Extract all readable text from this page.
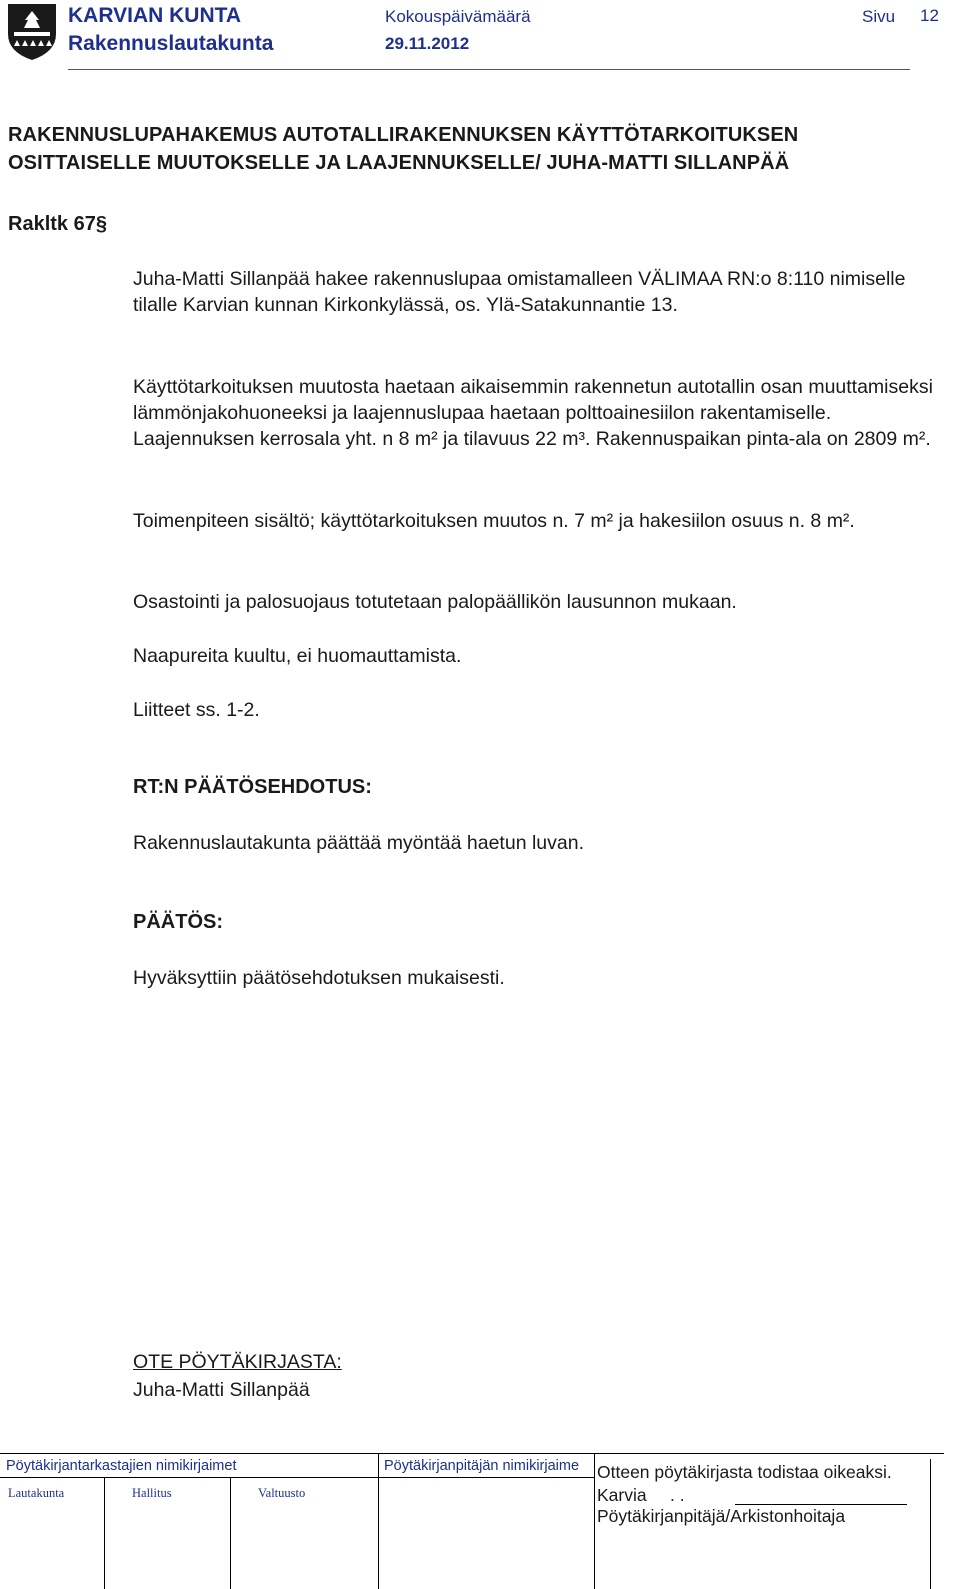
KARVIAN KUNTA
Rakennuslautakunta
Kokouspäivämäärä
29.11.2012
Sivu 12
RAKENNUSLUPAHAKEMUS AUTOTALLIRAKENNUKSEN KÄYTTÖTARKOITUKSEN
OSITTAISELLE MUUTOKSELLE JA LAAJENNUKSELLE/ JUHA-MATTI SILLANPÄÄ
Rakltk 67§
Juha-Matti Sillanpää hakee rakennuslupaa omistamalleen VÄLIMAA RN:o 8:110 nimiselle tilalle Karvian kunnan Kirkonkylässä, os. Ylä-Satakunnantie 13.
Käyttötarkoituksen muutosta haetaan aikaisemmin rakennetun autotallin osan muuttamiseksi lämmönjakohuoneeksi ja laajennuslupaa haetaan polttoainesiilon rakentamiselle. Laajennuksen kerrosala yht. n 8 m² ja tilavuus 22 m³. Rakennuspaikan pinta-ala on 2809 m².
Toimenpiteen sisältö; käyttötarkoituksen muutos n. 7 m² ja hakesiilon osuus n. 8 m².
Osastointi ja palosuojaus totutetaan palopäällikön lausunnon mukaan.
Naapureita kuultu, ei huomauttamista.
Liitteet ss. 1-2.
RT:N PÄÄTÖSEHDOTUS:
Rakennuslautakunta päättää myöntää haetun luvan.
PÄÄTÖS:
Hyväksyttiin päätösehdotuksen mukaisesti.
OTE PÖYTÄKIRJASTA:
Juha-Matti Sillanpää
Pöytäkirjantarkastajien nimikirjaimet	Pöytäkirjanpitäjän nimikirjaime
Lautakunta	Hallitus	Valtuusto
Otteen pöytäkirjasta todistaa oikeaksi.
Karvia . .
Pöytäkirjanpitäjä/Arkistonhoitaja
